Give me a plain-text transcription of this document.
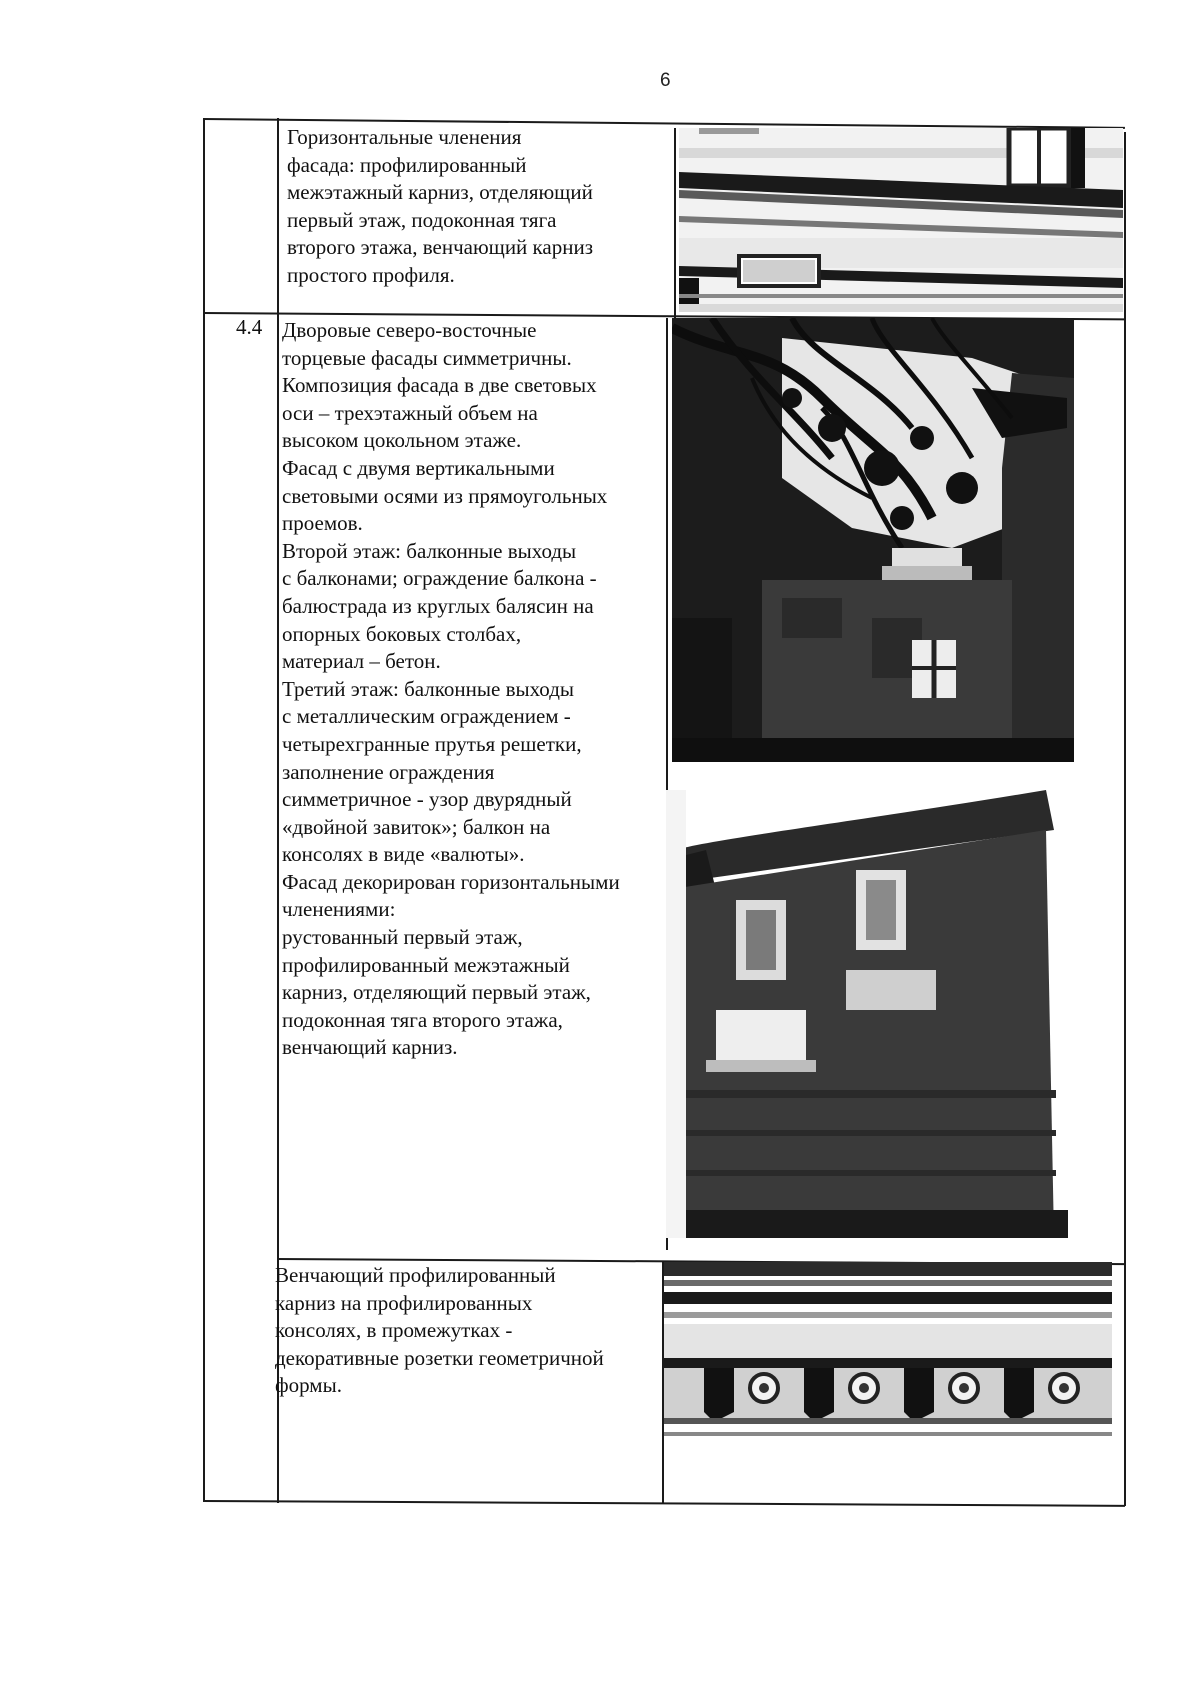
6
Горизонтальные членения
фасада: профилированный
межэтажный карниз, отделяющий
первый этаж, подоконная тяга
второго этажа, венчающий карниз
простого профиля.
4.4 Дворовые северо-восточные
торцевые фасады симметричны.
Композиция фасада в две световых
оси – трехэтажный объем на
высоком цокольном этаже.
Фасад с двумя вертикальными
световыми осями из прямоугольных
проемов.
Второй этаж: балконные выходы
с балконами; ограждение балкона -
балюстрада из круглых балясин на
опорных боковых столбах,
материал – бетон.
Третий этаж: балконные выходы
с металлическим ограждением -
четырехгранные прутья решетки,
заполнение ограждения
симметричное - узор двурядный
«двойной завиток»; балкон на
консолях в виде «валюты».
Фасад декорирован горизонтальными
членениями:
рустованный первый этаж,
профилированный межэтажный
карниз, отделяющий первый этаж,
подоконная тяга второго этажа,
венчающий карниз.
Венчающий профилированный
карниз на профилированных
консолях, в промежутках -
декоративные розетки геометричной
формы.
